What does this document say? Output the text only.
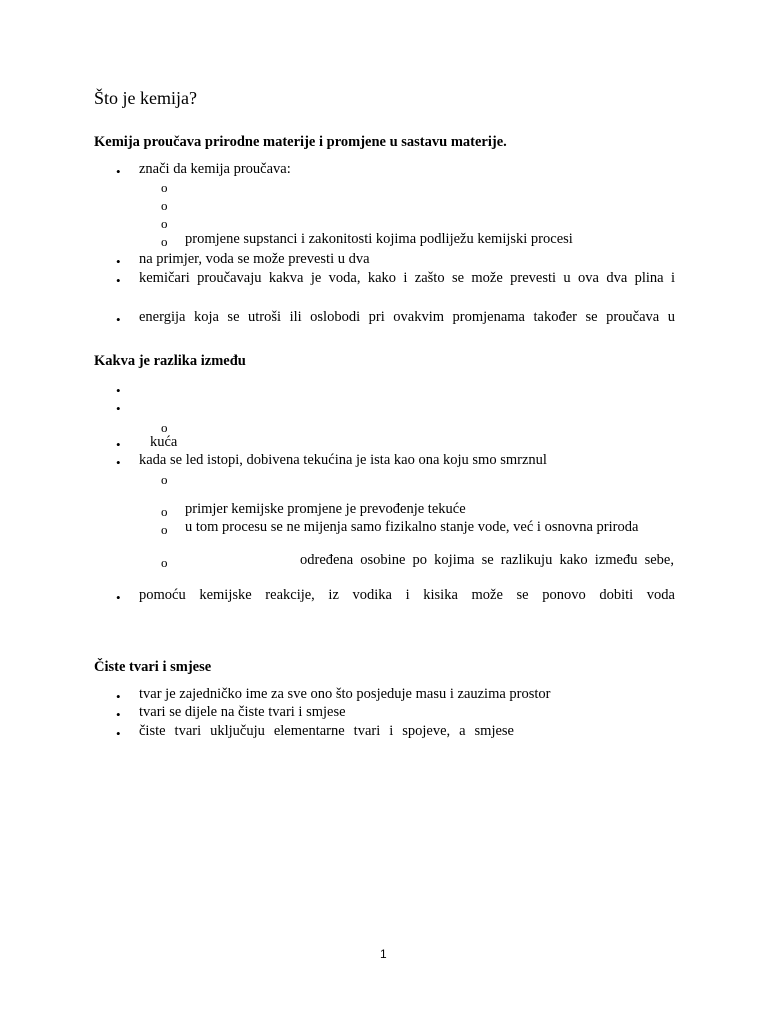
Što je kemija?
Kemija proučava prirodne materije i promjene u sastavu materije.
• znači da kemija proučava:
o
o
o
o promjene supstanci i zakonitosti kojima podliježu kemijski procesi
• na primjer, voda se može prevesti u dva
• kemičari proučavaju kakva je voda, kako i zašto se može prevesti u ova dva plina i
• energija koja se utroši ili oslobodi pri ovakvim promjenama također se proučava u
Kakva je razlika između
•
•
o
• kuća
• kada se led istopi, dobivena tekućina je ista kao ona koju smo smrznul
o
o primjer kemijske promjene je prevođenje tekuće
o u tom procesu se ne mijenja samo fizikalno stanje vode, već i osnovna priroda
o	određena osobine po kojima se razlikuju kako između sebe,
• pomoću kemijske reakcije, iz vodika i kisika može se ponovo dobiti voda
Čiste tvari i smjese
• tvar je zajedničko ime za sve ono što posjeduje masu i zauzima prostor
• tvari se dijele na čiste tvari i smjese
• čiste tvari uključuju elementarne tvari i spojeve, a smjese
1
